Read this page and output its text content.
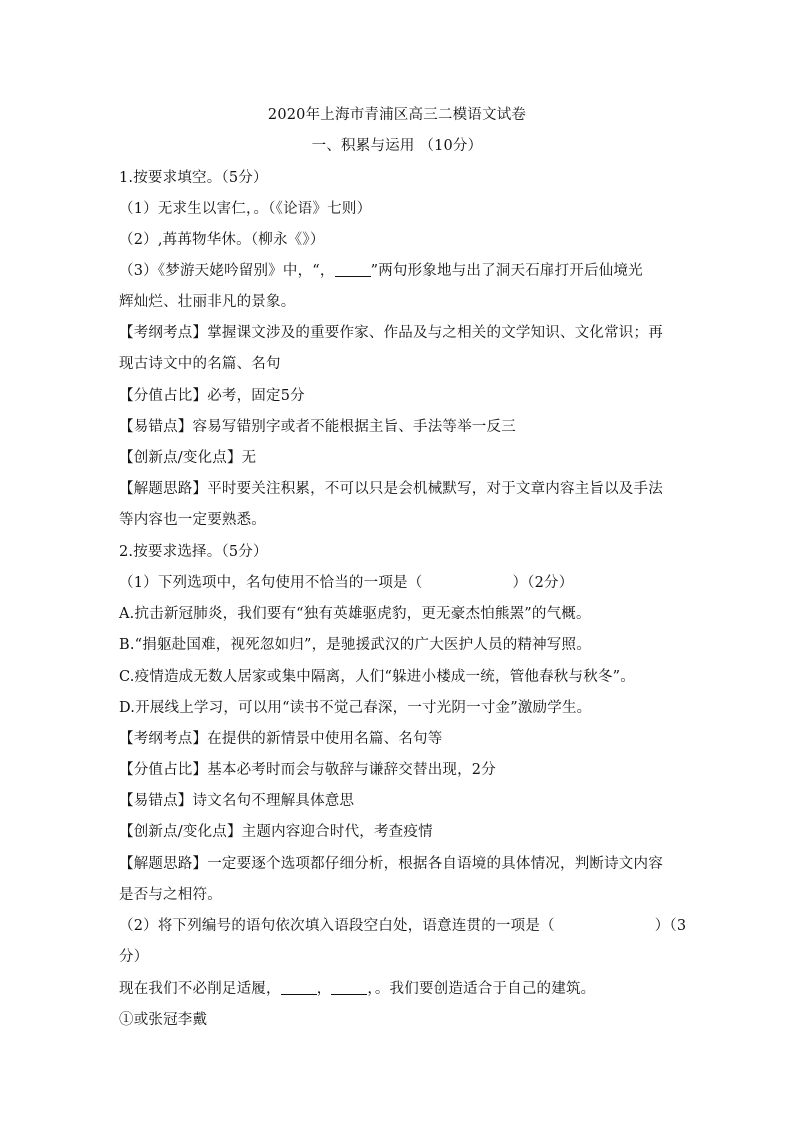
2020年上海市青浦区高三二模语文试卷
一、积累与运用 （10分）
1.按要求填空。（5分）
（1）无求生以害仁，。（《论语》七则）
（2）,苒苒物华休。（柳永《》）
（3）《梦游天姥吟留别》中，“， ”两句形象地与出了洞天石扉打开后仙境光
辉灿烂、壮丽非凡的景象。
【考纲考点】掌握课文涉及的重要作家、作品及与之相关的文学知识、文化常识；再
现古诗文中的名篇、名句
【分值占比】必考，固定5分
【易错点】容易写错别字或者不能根据主旨、手法等举一反三
【创新点/变化点】无
【解题思路】平时要关注积累，不可以只是会机械默写，对于文章内容主旨以及手法
等内容也一定要熟悉。
2.按要求选择。（5分）
（1）下列选项中，名句使用不恰当的一项是（	）（2分）
A.抗击新冠肺炎，我们要有“独有英雄驱虎豹，更无豪杰怕熊罴”的气概。
B.“捐躯赴国难，视死忽如归”，是驰援武汉的广大医护人员的精神写照。
C.疫情造成无数人居家或集中隔离，人们“躲进小楼成一统，管他春秋与秋冬”。
D.开展线上学习，可以用“读书不觉己春深，一寸光阴一寸金”激励学生。
【考纲考点】在提供的新情景中使用名篇、名句等
【分值占比】基本必考时而会与敬辞与谦辞交替出现，2分
【易错点】诗文名句不理解具体意思
【创新点/变化点】主题内容迎合时代，考查疫情
【解题思路】一定要逐个选项都仔细分析，根据各自语境的具体情况，判断诗文内容
是否与之相符。
（2）将下列编号的语句依次填入语段空白处，语意连贯的一项是（	）（3
分）
现在我们不必削足适履， ， ，。我们要创造适合于自己的建筑。
①或张冠李戴
